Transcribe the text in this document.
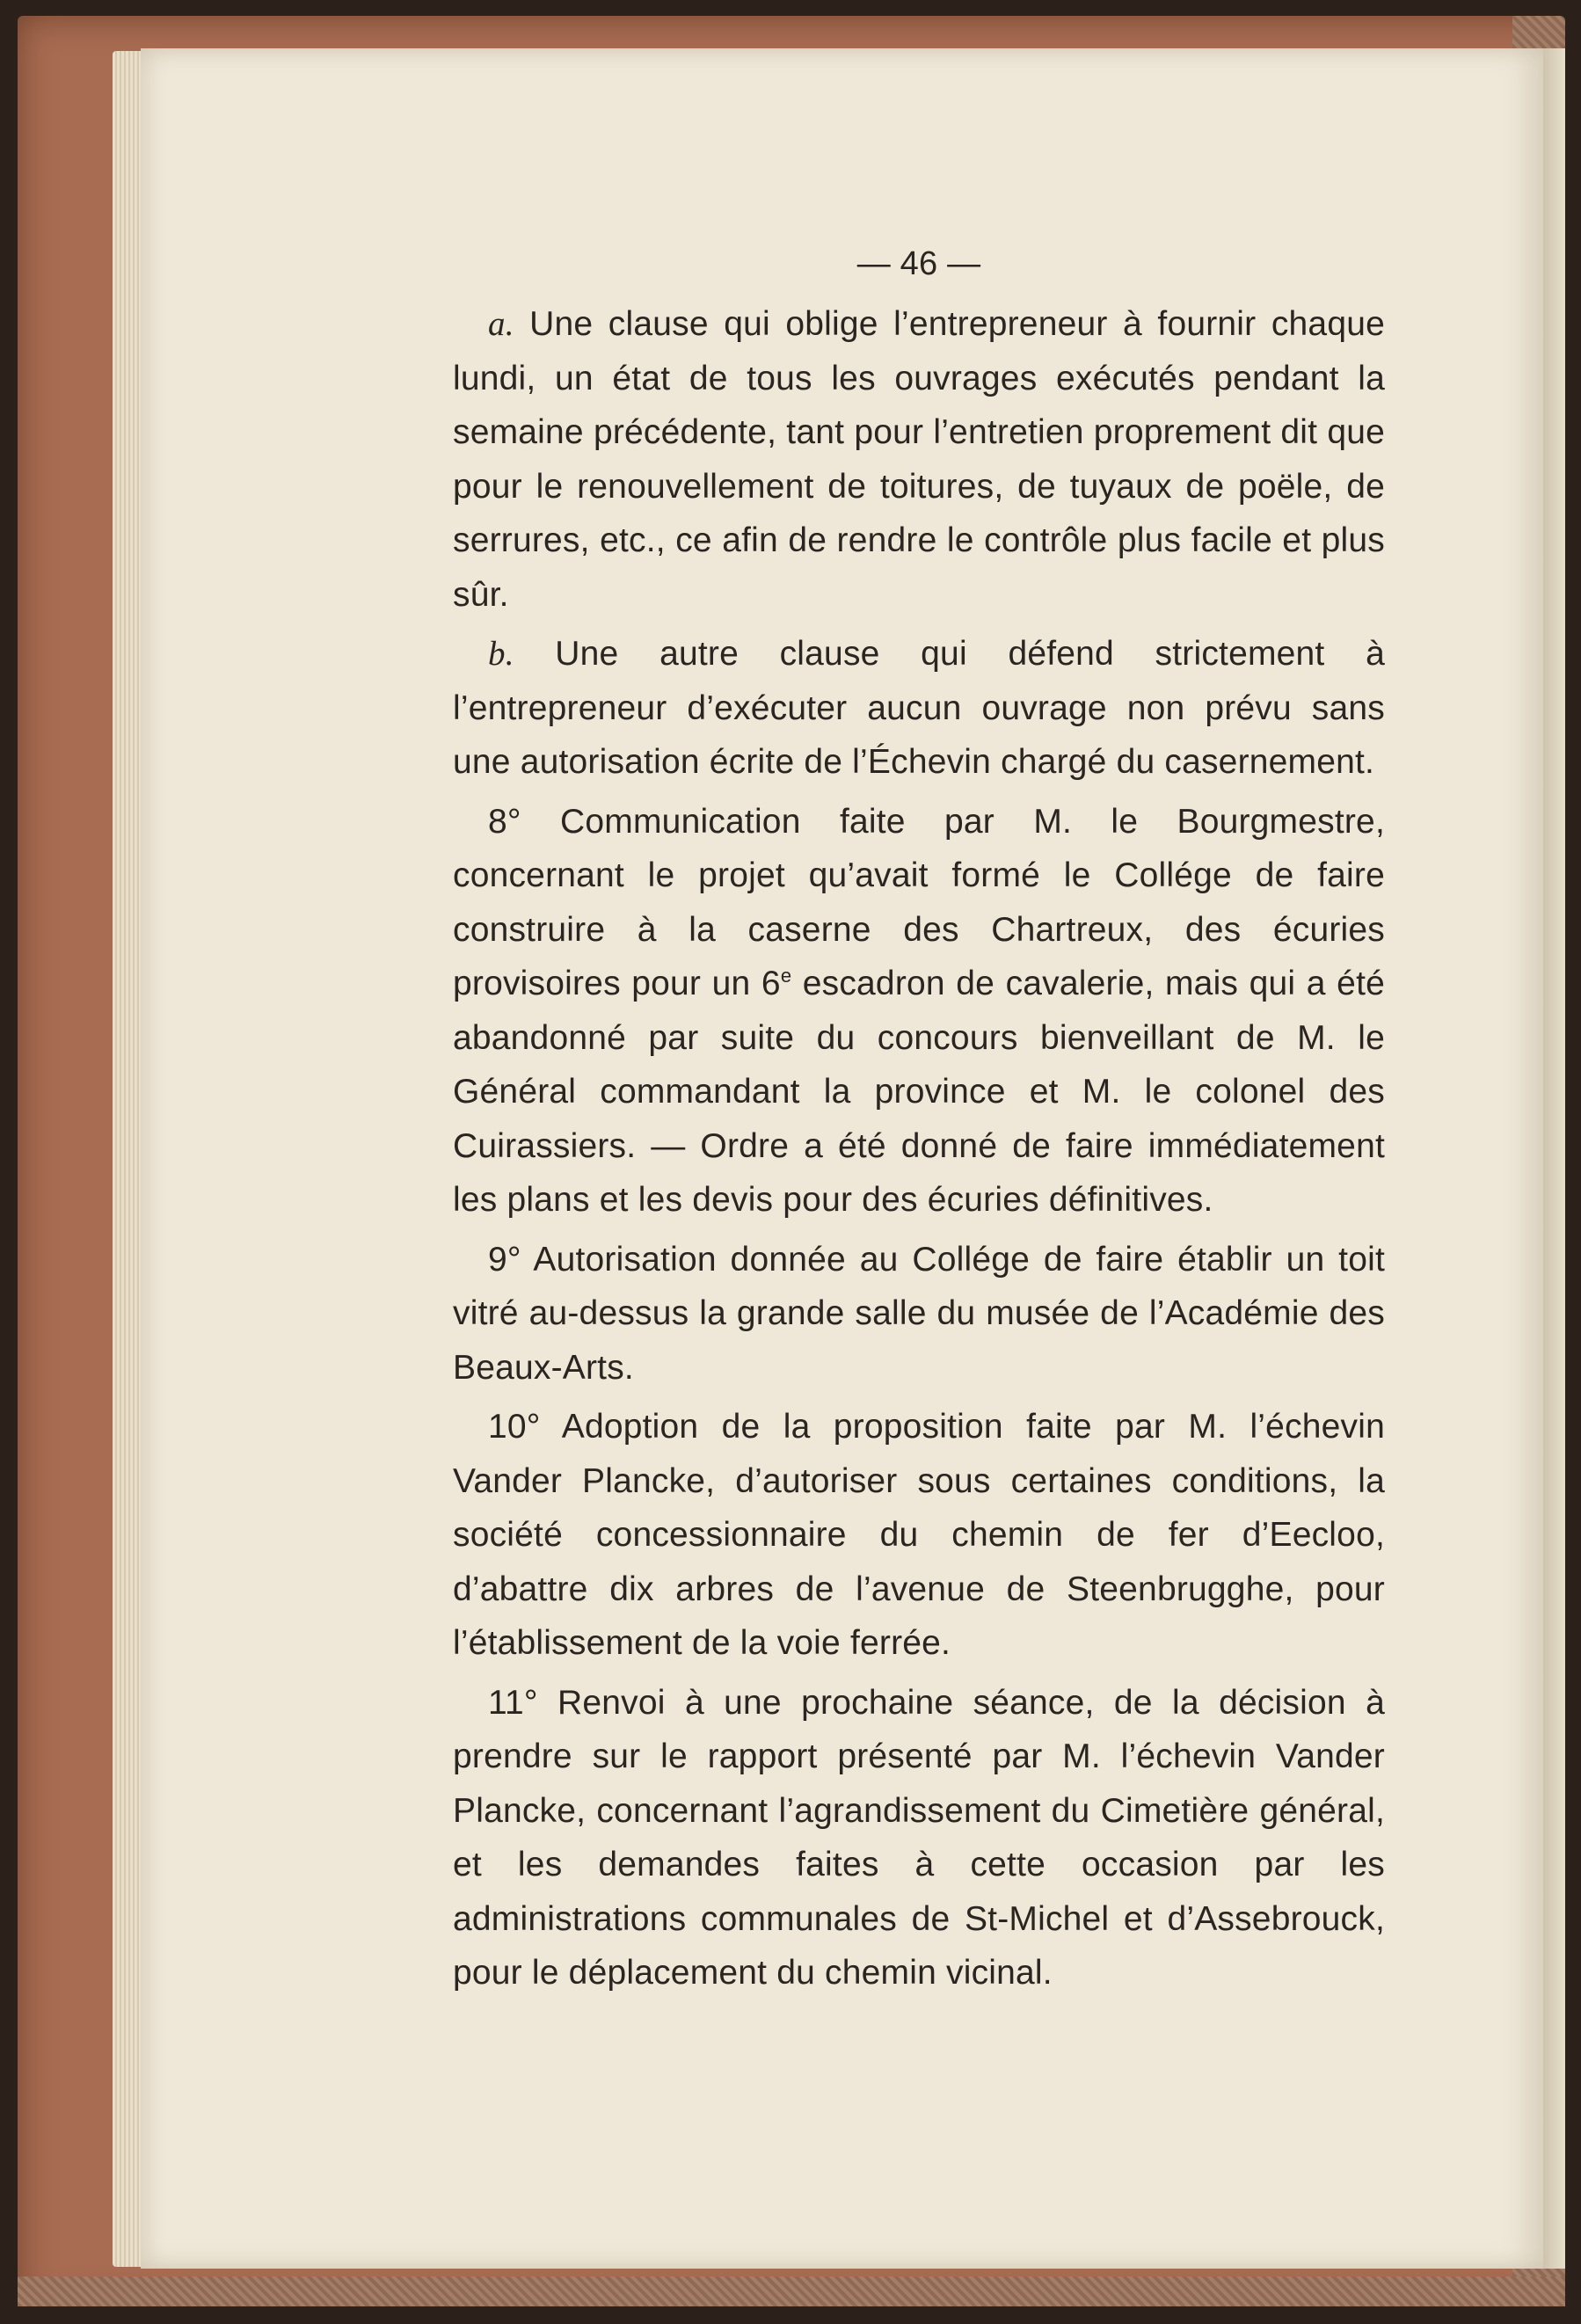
— 46 —

a. Une clause qui oblige l’entrepreneur à fournir chaque lundi, un état de tous les ouvrages exécutés pendant la semaine précédente, tant pour l’entretien proprement dit que pour le renouvellement de toitures, de tuyaux de poële, de serrures, etc., ce afin de rendre le contrôle plus facile et plus sûr.

b. Une autre clause qui défend strictement à l’entrepreneur d’exécuter aucun ouvrage non prévu sans une autorisation écrite de l’Échevin chargé du casernement.

8° Communication faite par M. le Bourgmestre, concernant le projet qu’avait formé le Collége de faire construire à la caserne des Chartreux, des écuries provisoires pour un 6e escadron de cavalerie, mais qui a été abandonné par suite du concours bienveillant de M. le Général commandant la province et M. le colonel des Cuirassiers. — Ordre a été donné de faire immédiatement les plans et les devis pour des écuries définitives.

9° Autorisation donnée au Collége de faire établir un toit vitré au-dessus la grande salle du musée de l’Académie des Beaux-Arts.

10° Adoption de la proposition faite par M. l’échevin Vander Plancke, d’autoriser sous certaines conditions, la société concessionnaire du chemin de fer d’Eecloo, d’abattre dix arbres de l’avenue de Steenbrugghe, pour l’établissement de la voie ferrée.

11° Renvoi à une prochaine séance, de la décision à prendre sur le rapport présenté par M. l’échevin Vander Plancke, concernant l’agrandissement du Cimetière général, et les demandes faites à cette occasion par les administrations communales de St-Michel et d’Assebrouck, pour le déplacement du chemin vicinal.
